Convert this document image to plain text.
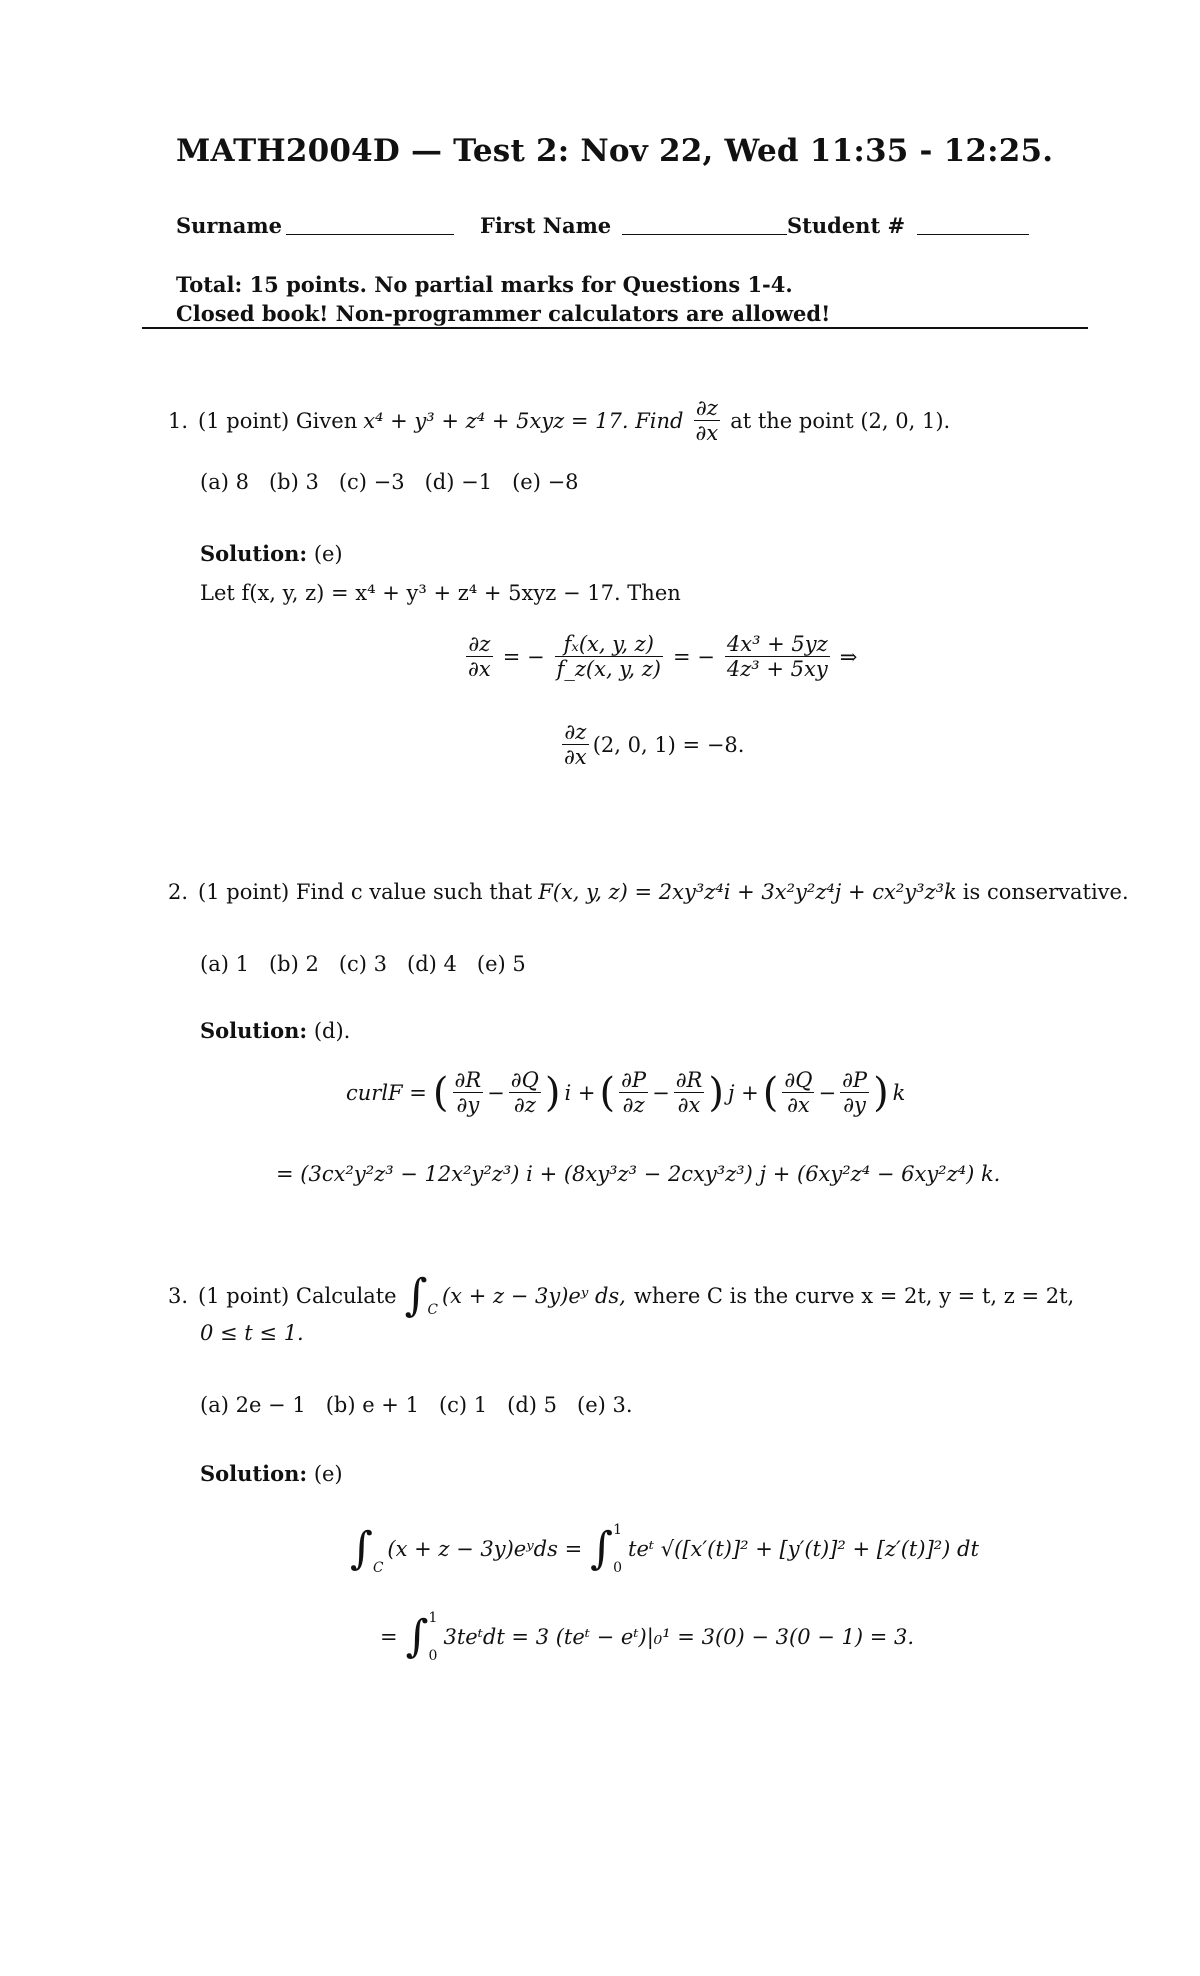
MATH2004D — Test 2: Nov 22, Wed 11:35 - 12:25.
Surname	First Name	Student #
Total: 15 points. No partial marks for Questions 1-4.
Closed book! Non-programmer calculators are allowed!
1. (1 point) Given x⁴ + y³ + z⁴ + 5xyz = 17. Find $\frac{\partial z}{\partial x}$ at the point (2, 0, 1).
(a) 8 (b) 3 (c) −3 (d) −1 (e) −8
Solution: (e)
Let f(x, y, z) = x⁴ + y³ + z⁴ + 5xyz − 17. Then
$\frac{\partial z}{\partial x}$ = − $\frac{\text{fₓ(x, y, z)}}{f\_z(x, y, z)}$ = − $\frac{\text{4x³ + 5yz}}{\text{4z³ + 5xy}}$ ⇒
$\frac{\partial z}{\partial x} (2$, 0, 1) = −8.
2. (1 point) Find c value such that F(x, y, z) = 2xy³z⁴i + 3x²y²z⁴j + cx²y³z³k is conservative.
(a) 1 (b) 2 (c) 3 (d) 4 (e) 5
Solution: (d).
curlF = ( $\frac{\partial R}{\partial y} - \frac{\partial Q}{\partial z}$ ) i + ( $\frac{\partial P}{\partial z} - \frac{\partial R}{\partial x}$ ) j + ( $\frac{\partial Q}{\partial x} - \frac{\partial P}{\partial y}$ ) k
= (3cx²y²z³ − 12x²y²z³) i + (8xy³z³ − 2cxy³z³) j + (6xy²z⁴ − 6xy²z⁴) k.
3. (1 point) Calculate $\int_C$
(x + z − 3y)eʸ ds, where C is the curve x = 2t, y = t, z = 2t,
0 ≤ t ≤ 1.
(a) 2e − 1 (b) e + 1 (c) 1 (d) 5 (e) 3.
Solution: (e)
$\int_C$
(x + z − 3y)eʸds = ∫ 1
0
teᵗ √([x′(t)]² + [y′(t)]² + [z′(t)]²) dt
= ∫ 1
0
3teᵗdt = 3 (teᵗ − eᵗ)|₀¹ = 3(0) − 3(0 − 1) = 3.
